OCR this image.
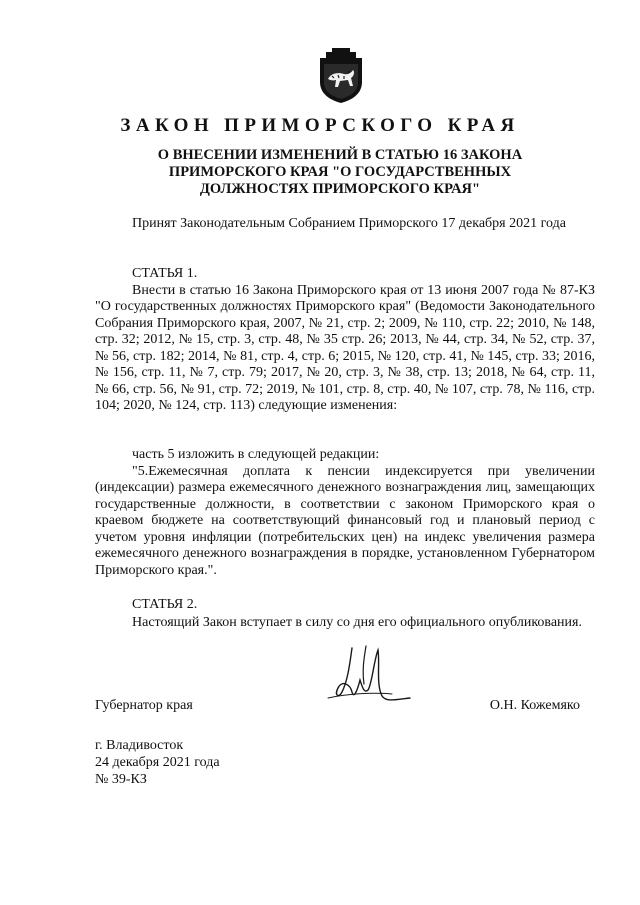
ЗАКОН ПРИМОРСКОГО КРАЯ
О ВНЕСЕНИИ ИЗМЕНЕНИЙ В СТАТЬЮ 16 ЗАКОНА
ПРИМОРСКОГО КРАЯ "О ГОСУДАРСТВЕННЫХ
ДОЛЖНОСТЯХ ПРИМОРСКОГО КРАЯ"
Принят Законодательным Собранием Приморского 17 декабря 2021 года
СТАТЬЯ 1.
Внести в статью 16 Закона Приморского края от 13 июня 2007 года № 87-КЗ "О государственных должностях Приморского края" (Ведомости Законодательного Собрания Приморского края, 2007, № 21, стр. 2; 2009, № 110, стр. 22; 2010, № 148, стр. 32; 2012, № 15, стр. 3, стр. 48, № 35 стр. 26; 2013, № 44, стр. 34, № 52, стр. 37, № 56, стр. 182; 2014, № 81, стр. 4, стр. 6; 2015, № 120, стр. 41, № 145, стр. 33; 2016, № 156, стр. 11, № 7, стр. 79; 2017, № 20, стр. 3, № 38, стр. 13; 2018, № 64, стр. 11, № 66, стр. 56, № 91, стр. 72; 2019, № 101, стр. 8, стр. 40, № 107, стр. 78, № 116, стр. 104; 2020, № 124, стр. 113) следующие изменения:
часть 5 изложить в следующей редакции:
"5.Ежемесячная доплата к пенсии индексируется при увеличении (индексации) размера ежемесячного денежного вознаграждения лиц, замещающих государственные должности, в соответствии с законом Приморского края о краевом бюджете на соответствующий финансовый год и плановый период с учетом уровня инфляции (потребительских цен) на индекс увеличения размера ежемесячного денежного вознаграждения в порядке, установленном Губернатором Приморского края.".
СТАТЬЯ 2.
Настоящий Закон вступает в силу со дня его официального опубликования.
Губернатор края	О.Н. Кожемяко
г. Владивосток
24 декабря 2021 года
№ 39-КЗ
